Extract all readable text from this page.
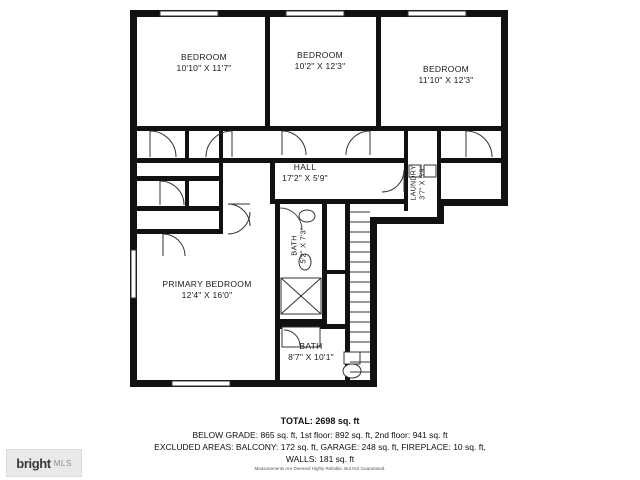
BEDROOM
10'10" X 11'7"
BEDROOM
10'2" X 12'3"	BEDROOM
11'10" X 12'3"
HALL
17'2" X 5'9"	LAUNDRY 3'7" X 5'9"
BATH 5'2" X 7'3"
PRIMARY BEDROOM
12'4" X 16'0"
BATH
8'7" X 10'1"
TOTAL: 2698 sq. ft
BELOW GRADE: 865 sq. ft, 1st floor: 892 sq. ft, 2nd floor: 941 sq. ft
EXCLUDED AREAS: BALCONY: 172 sq. ft, GARAGE: 248 sq. ft, FIREPLACE: 10 sq. ft,
WALLS: 181 sq. ft
Measurements Are Deemed Highly Reliable, But Not Guaranteed.
bright MLS
